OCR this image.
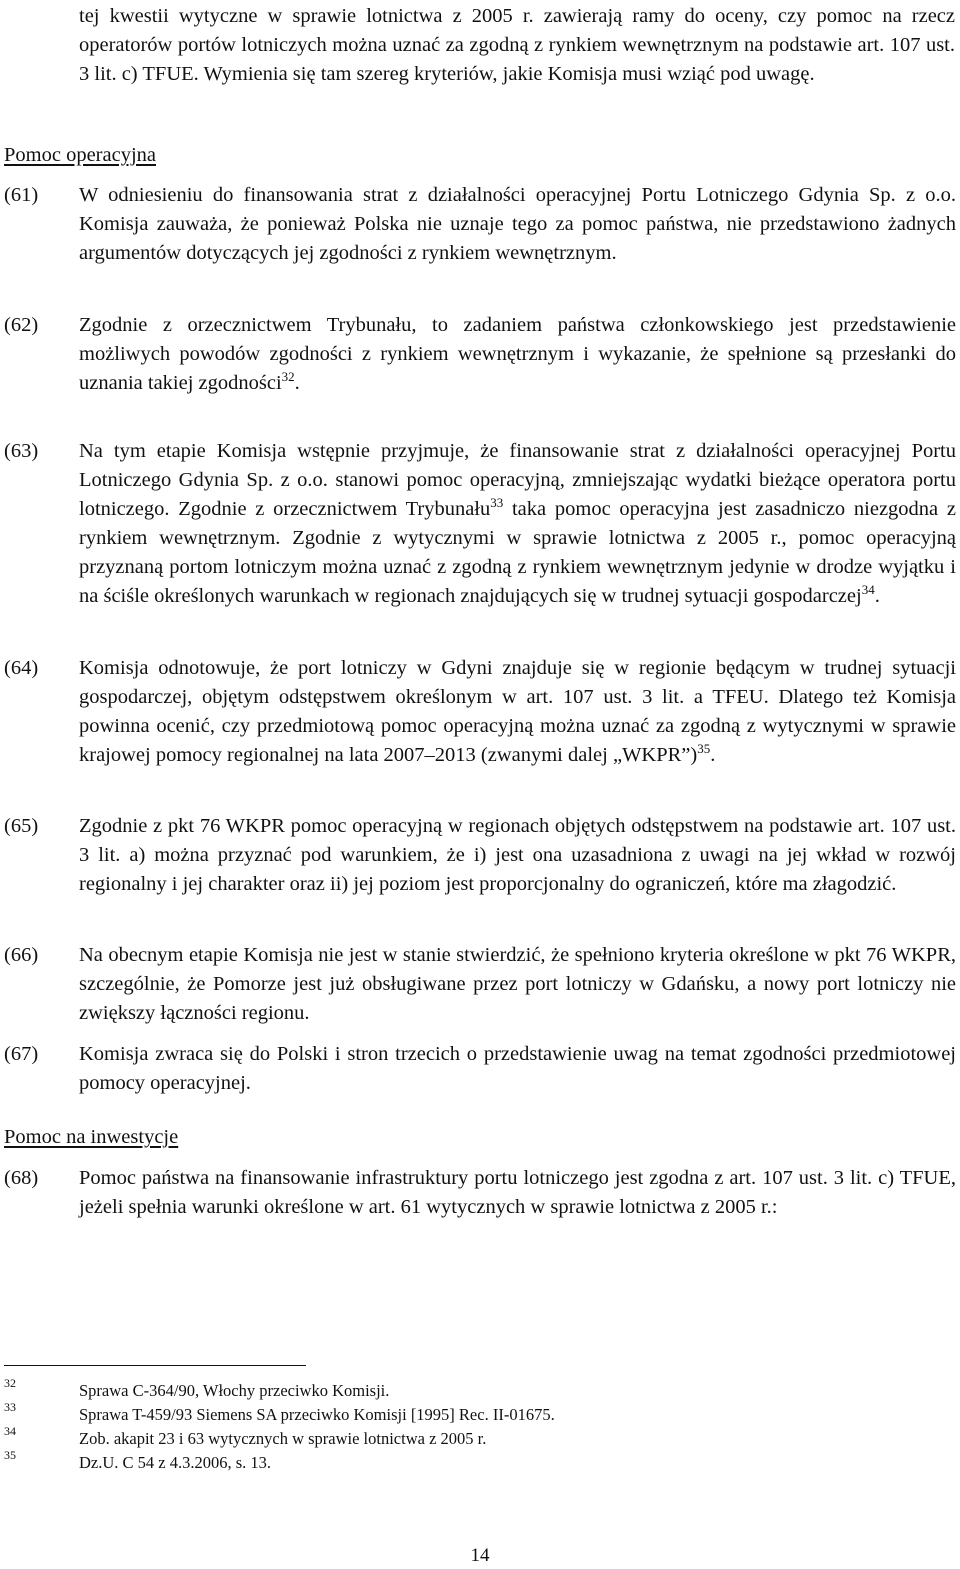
tej kwestii wytyczne w sprawie lotnictwa z 2005 r. zawierają ramy do oceny, czy pomoc na rzecz operatorów portów lotniczych można uznać za zgodną z rynkiem wewnętrznym na podstawie art. 107 ust. 3 lit. c) TFUE. Wymienia się tam szereg kryteriów, jakie Komisja musi wziąć pod uwagę.

Pomoc operacyjna

(61) W odniesieniu do finansowania strat z działalności operacyjnej Portu Lotniczego Gdynia Sp. z o.o. Komisja zauważa, że ponieważ Polska nie uznaje tego za pomoc państwa, nie przedstawiono żadnych argumentów dotyczących jej zgodności z rynkiem wewnętrznym.
(62) Zgodnie z orzecznictwem Trybunału, to zadaniem państwa członkowskiego jest przedstawienie możliwych powodów zgodności z rynkiem wewnętrznym i wykazanie, że spełnione są przesłanki do uznania takiej zgodności$^{32}$.
(63) Na tym etapie Komisja wstępnie przyjmuje, że finansowanie strat z działalności operacyjnej Portu Lotniczego Gdynia Sp. z o.o. stanowi pomoc operacyjną, zmniejszając wydatki bieżące operatora portu lotniczego. Zgodnie z orzecznictwem Trybunału$^{33}$ taka pomoc operacyjna jest zasadniczo niezgodna z rynkiem wewnętrznym. Zgodnie z wytycznymi w sprawie lotnictwa z 2005 r., pomoc operacyjną przyznaną portom lotniczym można uznać z zgodną z rynkiem wewnętrznym jedynie w drodze wyjątku i na ściśle określonych warunkach w regionach znajdujących się w trudnej sytuacji gospodarczej$^{34}$.
(64) Komisja odnotowuje, że port lotniczy w Gdyni znajduje się w regionie będącym w trudnej sytuacji gospodarczej, objętym odstępstwem określonym w art. 107 ust. 3 lit. a TFEU. Dlatego też Komisja powinna ocenić, czy przedmiotową pomoc operacyjną można uznać za zgodną z wytycznymi w sprawie krajowej pomocy regionalnej na lata 2007–2013 (zwanymi dalej „WKPR”)$^{35}$.
(65) Zgodnie z pkt 76 WKPR pomoc operacyjną w regionach objętych odstępstwem na podstawie art. 107 ust. 3 lit. a) można przyznać pod warunkiem, że i) jest ona uzasadniona z uwagi na jej wkład w rozwój regionalny i jej charakter oraz ii) jej poziom jest proporcjonalny do ograniczeń, które ma złagodzić.
(66) Na obecnym etapie Komisja nie jest w stanie stwierdzić, że spełniono kryteria określone w pkt 76 WKPR, szczególnie, że Pomorze jest już obsługiwane przez port lotniczy w Gdańsku, a nowy port lotniczy nie zwiększy łączności regionu.
(67) Komisja zwraca się do Polski i stron trzecich o przedstawienie uwag na temat zgodności przedmiotowej pomocy operacyjnej.

Pomoc na inwestycje

(68) Pomoc państwa na finansowanie infrastruktury portu lotniczego jest zgodna z art. 107 ust. 3 lit. c) TFUE, jeżeli spełnia warunki określone w art. 61 wytycznych w sprawie lotnictwa z 2005 r.:
32	Sprawa C-364/90, Włochy przeciwko Komisji.
33	Sprawa T-459/93 Siemens SA przeciwko Komisji [1995] Rec. II-01675.
34	Zob. akapit 23 i 63 wytycznych w sprawie lotnictwa z 2005 r.
35	Dz.U. C 54 z 4.3.2006, s. 13.
14
